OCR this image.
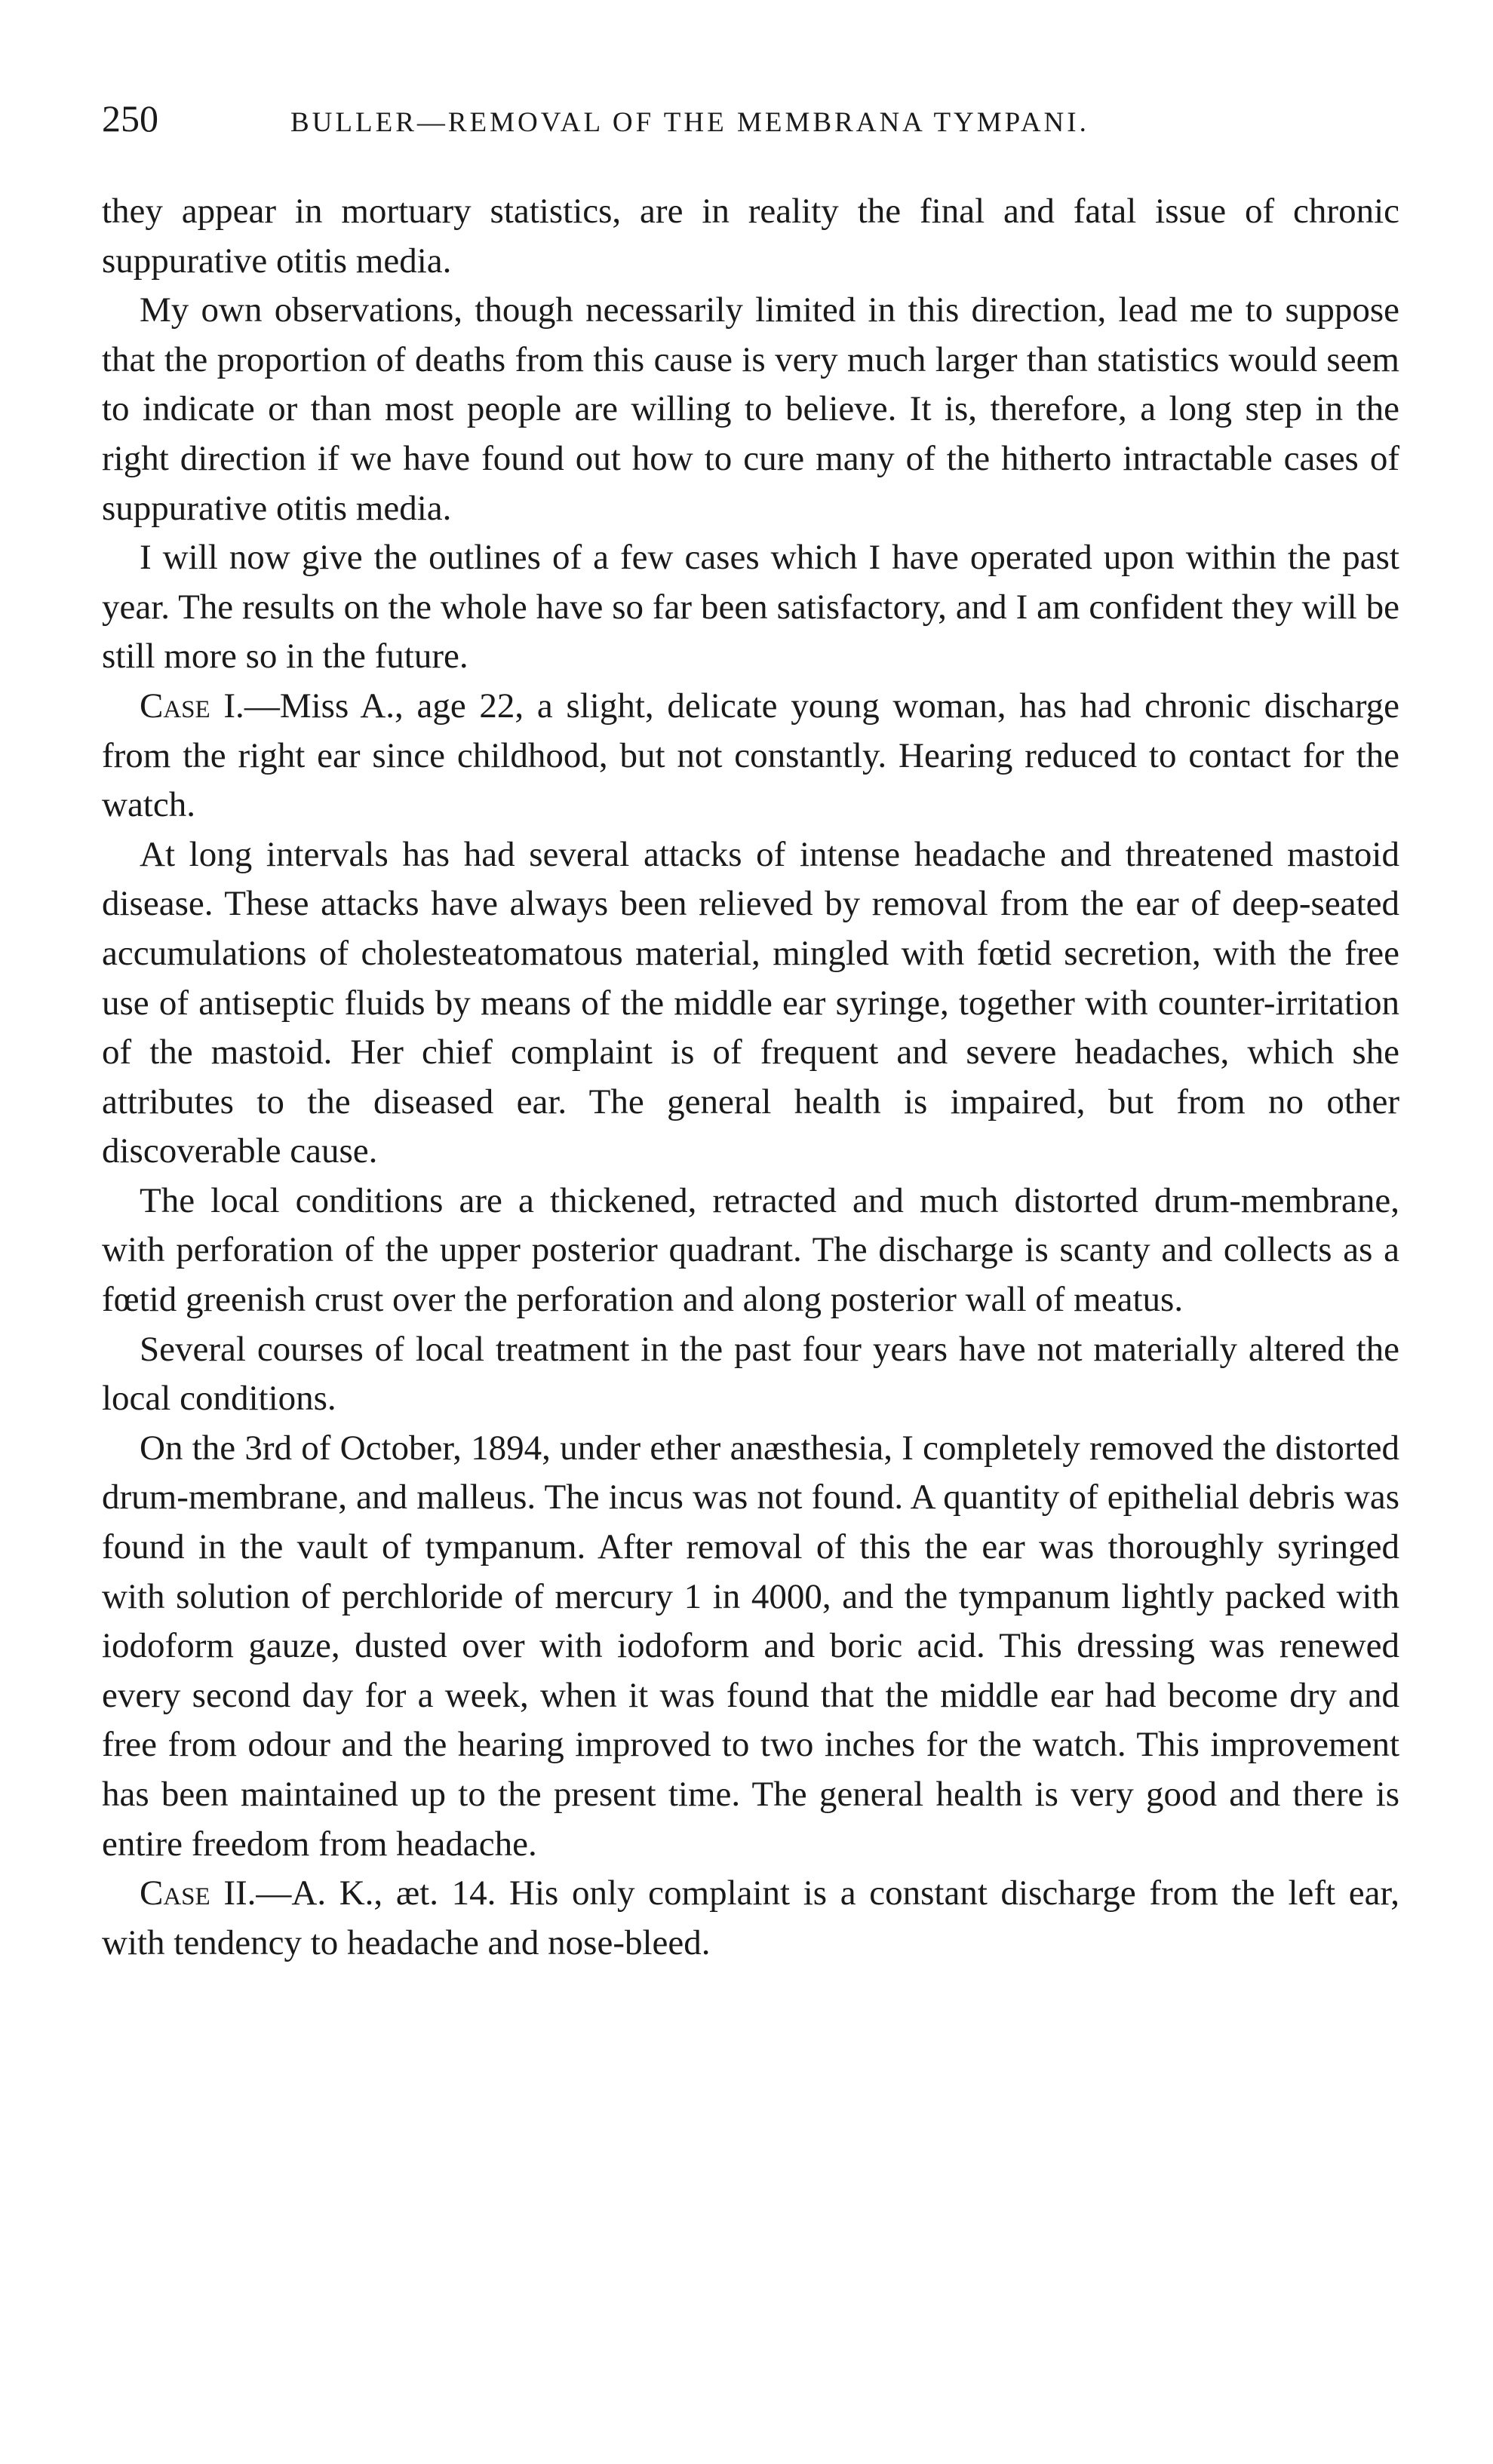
250	BULLER—REMOVAL OF THE MEMBRANA TYMPANI.

they appear in mortuary statistics, are in reality the final and fatal issue of chronic suppurative otitis media.

My own observations, though necessarily limited in this direction, lead me to suppose that the proportion of deaths from this cause is very much larger than statistics would seem to indicate or than most people are willing to believe. It is, therefore, a long step in the right direction if we have found out how to cure many of the hitherto intractable cases of suppurative otitis media.

I will now give the outlines of a few cases which I have operated upon within the past year. The results on the whole have so far been satisfactory, and I am confident they will be still more so in the future.

Case I.—Miss A., age 22, a slight, delicate young woman, has had chronic discharge from the right ear since childhood, but not constantly. Hearing reduced to contact for the watch.

At long intervals has had several attacks of intense headache and threatened mastoid disease. These attacks have always been relieved by removal from the ear of deep-seated accumulations of cholesteatomatous material, mingled with fœtid secretion, with the free use of antiseptic fluids by means of the middle ear syringe, together with counter-irritation of the mastoid. Her chief complaint is of frequent and severe headaches, which she attributes to the diseased ear. The general health is impaired, but from no other discoverable cause.

The local conditions are a thickened, retracted and much distorted drum-membrane, with perforation of the upper posterior quadrant. The discharge is scanty and collects as a fœtid greenish crust over the perforation and along posterior wall of meatus.

Several courses of local treatment in the past four years have not materially altered the local conditions.

On the 3rd of October, 1894, under ether anæsthesia, I completely removed the distorted drum-membrane, and malleus. The incus was not found. A quantity of epithelial debris was found in the vault of tympanum. After removal of this the ear was thoroughly syringed with solution of perchloride of mercury 1 in 4000, and the tympanum lightly packed with iodoform gauze, dusted over with iodoform and boric acid. This dressing was renewed every second day for a week, when it was found that the middle ear had become dry and free from odour and the hearing improved to two inches for the watch. This improvement has been maintained up to the present time. The general health is very good and there is entire freedom from headache.

Case II.—A. K., æt. 14. His only complaint is a constant discharge from the left ear, with tendency to headache and nose-bleed.
